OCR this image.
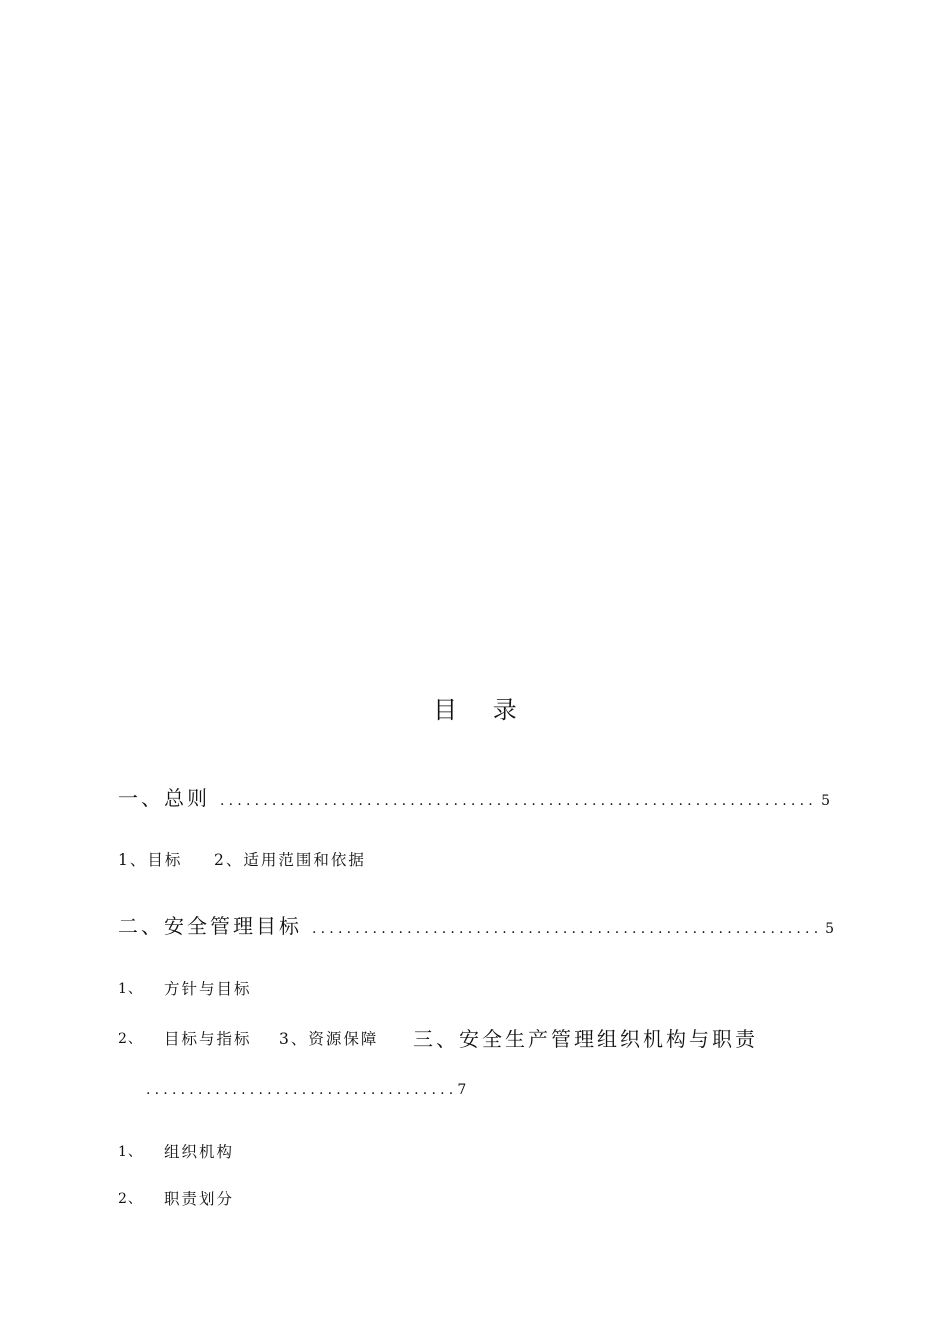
目 录
一、总则 .....	5
1、目标 2、适用范围和依据
二、安全管理目标 .....	5
1、 方针与目标
2、 目标与指标 3、资源保障 三、安全生产管理组织机构与职责
.................................... 7
1、 组织机构
2、 职责划分
